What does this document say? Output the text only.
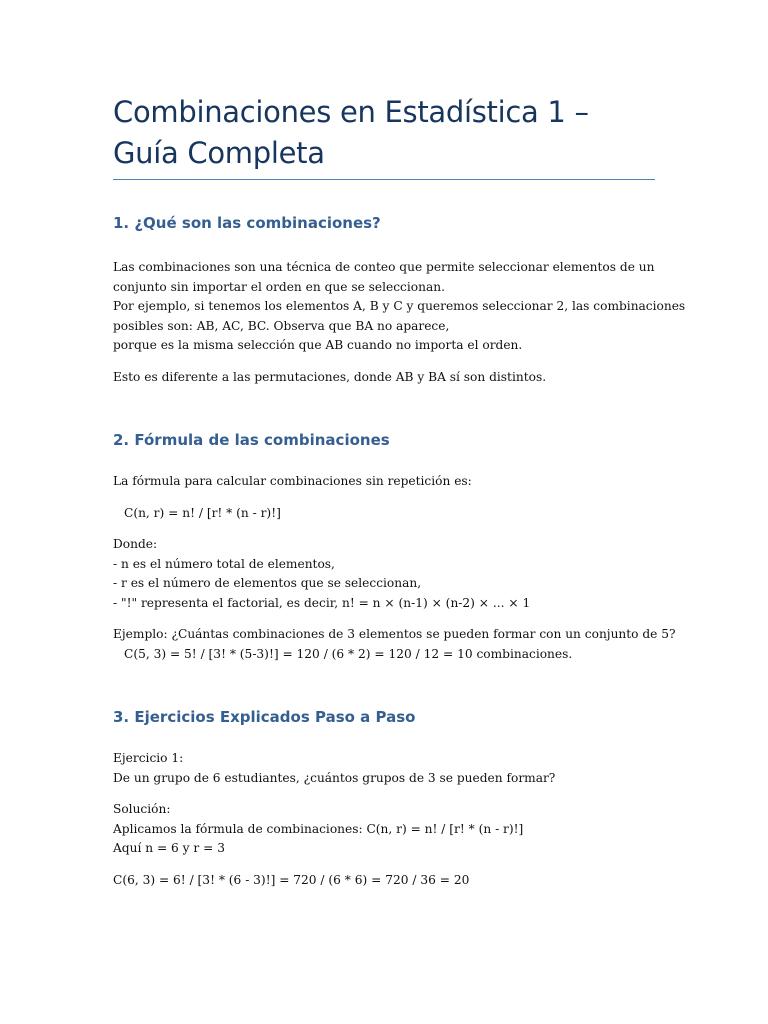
Combinaciones en Estadística 1 – Guía Completa
1. ¿Qué son las combinaciones?
Las combinaciones son una técnica de conteo que permite seleccionar elementos de un
conjunto sin importar el orden en que se seleccionan.
Por ejemplo, si tenemos los elementos A, B y C y queremos seleccionar 2, las combinaciones
posibles son: AB, AC, BC. Observa que BA no aparece,
porque es la misma selección que AB cuando no importa el orden.
Esto es diferente a las permutaciones, donde AB y BA sí son distintos.
2. Fórmula de las combinaciones
La fórmula para calcular combinaciones sin repetición es:
C(n, r) = n! / [r! * (n - r)!]
Donde:
- n es el número total de elementos,
- r es el número de elementos que se seleccionan,
- "!" representa el factorial, es decir, n! = n × (n-1) × (n-2) × ... × 1
Ejemplo: ¿Cuántas combinaciones de 3 elementos se pueden formar con un conjunto de 5?
C(5, 3) = 5! / [3! * (5-3)!] = 120 / (6 * 2) = 120 / 12 = 10 combinaciones.
3. Ejercicios Explicados Paso a Paso
Ejercicio 1:
De un grupo de 6 estudiantes, ¿cuántos grupos de 3 se pueden formar?
Solución:
Aplicamos la fórmula de combinaciones: C(n, r) = n! / [r! * (n - r)!]
Aquí n = 6 y r = 3
C(6, 3) = 6! / [3! * (6 - 3)!] = 720 / (6 * 6) = 720 / 36 = 20
